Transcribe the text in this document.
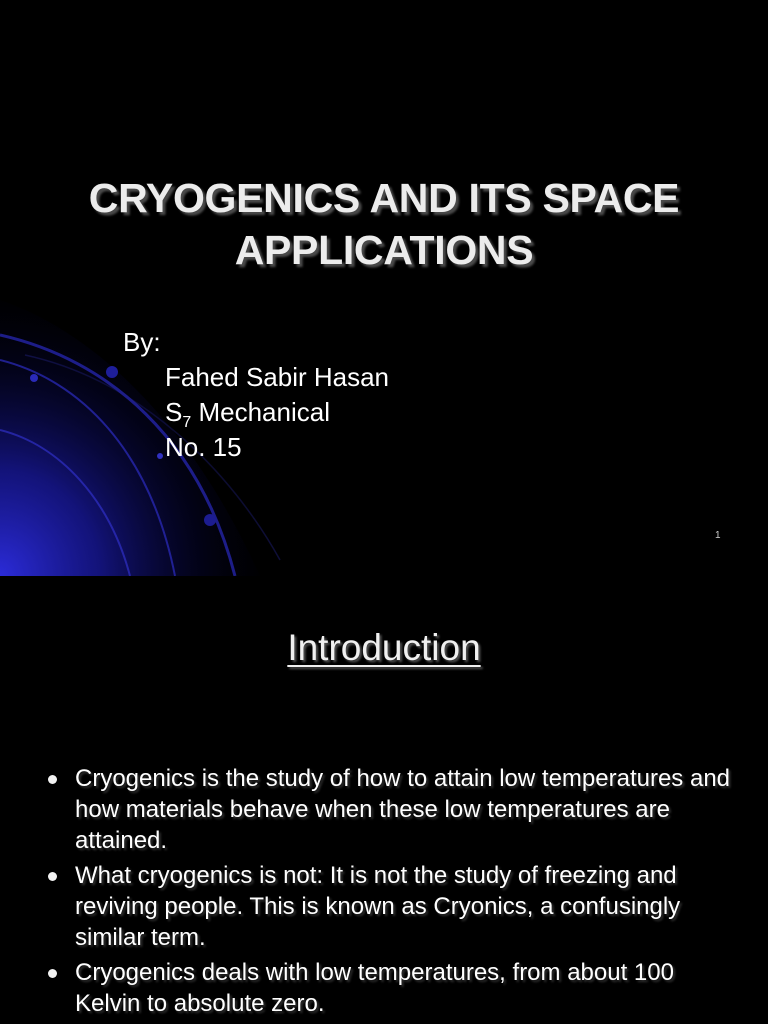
CRYOGENICS AND ITS SPACE APPLICATIONS
By:
Fahed Sabir Hasan
$S_7$ Mechanical
No. 15
1
Introduction
Cryogenics is the study of how to attain low temperatures and how materials behave when these low temperatures are attained.
What cryogenics is not: It is not the study of freezing and reviving people. This is known as Cryonics, a confusingly similar term.
Cryogenics deals with low temperatures, from about 100 Kelvin to absolute zero.
